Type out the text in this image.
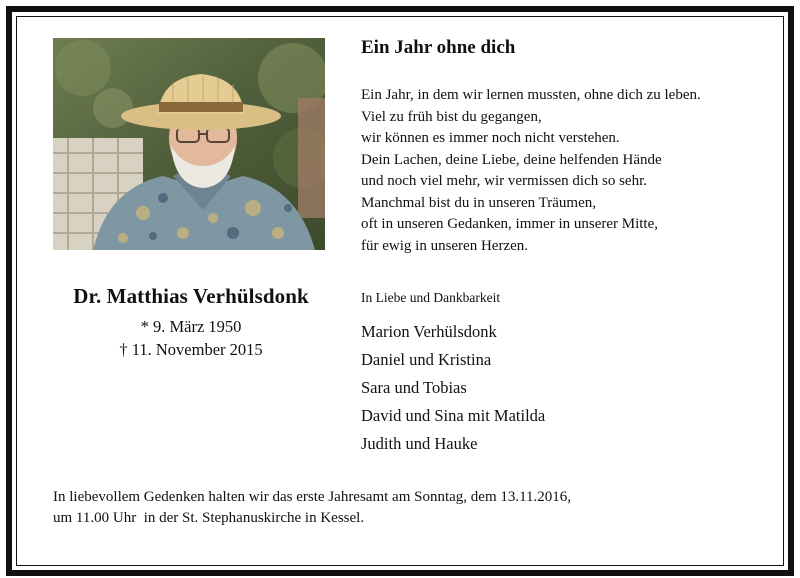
Dr. Matthias Verhülsdonk
* 9. März 1950
† 11. November 2015
Ein Jahr ohne dich
Ein Jahr, in dem wir lernen mussten, ohne dich zu leben.
Viel zu früh bist du gegangen,
wir können es immer noch nicht verstehen.
Dein Lachen, deine Liebe, deine helfenden Hände
und noch viel mehr, wir vermissen dich so sehr.
Manchmal bist du in unseren Träumen,
oft in unseren Gedanken, immer in unserer Mitte,
für ewig in unseren Herzen.
In Liebe und Dankbarkeit
Marion Verhülsdonk
Daniel und Kristina
Sara und Tobias
David und Sina mit Matilda
Judith und Hauke
In liebevollem Gedenken halten wir das erste Jahresamt am Sonntag, dem 13.11.2016,
um 11.00 Uhr  in der St. Stephanuskirche in Kessel.
